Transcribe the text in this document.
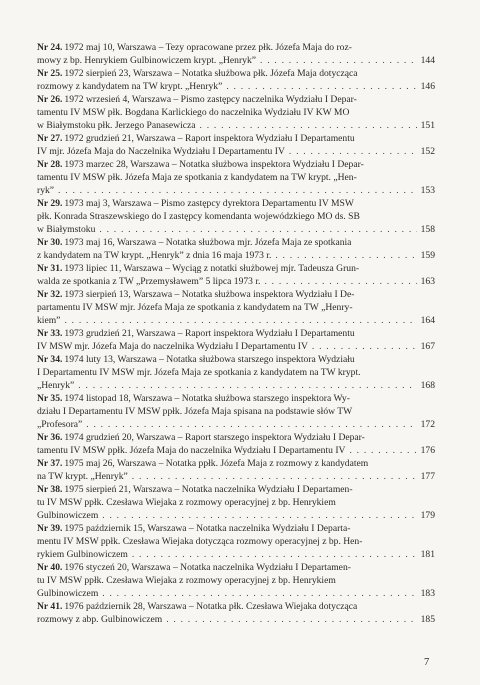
Nr 24. 1972 maj 10, Warszawa – Tezy opracowane przez płk. Józefa Maja do roz-
mowy z bp. Henrykiem Gulbinowiczem krypt. „Henryk” . . .	144
Nr 25. 1972 sierpień 23, Warszawa – Notatka służbowa płk. Józefa Maja dotycząca
rozmowy z kandydatem na TW krypt. „Henryk” . . .	146
Nr 26. 1972 wrzesień 4, Warszawa – Pismo zastępcy naczelnika Wydziału I Depar-
tamentu IV MSW płk. Bogdana Karlickiego do naczelnika Wydziału IV KW MO
w Białymstoku płk. Jerzego Panasewicza . . .	151
Nr 27. 1972 grudzień 21, Warszawa – Raport inspektora Wydziału I Departamentu
IV mjr. Józefa Maja do Naczelnika Wydziału I Departamentu IV . . .	152
Nr 28. 1973 marzec 28, Warszawa – Notatka służbowa inspektora Wydziału I Depar-
tamentu IV MSW płk. Józefa Maja ze spotkania z kandydatem na TW krypt. „Hen-
ryk” . . .	153
Nr 29. 1973 maj 3, Warszawa – Pismo zastępcy dyrektora Departamentu IV MSW
płk. Konrada Straszewskiego do I zastępcy komendanta wojewódzkiego MO ds. SB
w Białymstoku . . .	158
Nr 30. 1973 maj 16, Warszawa – Notatka służbowa mjr. Józefa Maja ze spotkania
z kandydatem na TW krypt. „Henryk” z dnia 16 maja 1973 r. . . .	159
Nr 31. 1973 lipiec 11, Warszawa – Wyciąg z notatki służbowej mjr. Tadeusza Grun-
walda ze spotkania z TW „Przemysławem” 5 lipca 1973 r. . . .	163
Nr 32. 1973 sierpień 13, Warszawa – Notatka służbowa inspektora Wydziału I De-
partamentu IV MSW mjr. Józefa Maja ze spotkania z kandydatem na TW „Henry-
kiem” . . .	164
Nr 33. 1973 grudzień 21, Warszawa – Raport inspektora Wydziału I Departamentu
IV MSW mjr. Józefa Maja do naczelnika Wydziału I Departamentu IV . . .	167
Nr 34. 1974 luty 13, Warszawa – Notatka służbowa starszego inspektora Wydziału
I Departamentu IV MSW mjr. Józefa Maja ze spotkania z kandydatem na TW krypt.
„Henryk” . . .	168
Nr 35. 1974 listopad 18, Warszawa – Notatka służbowa starszego inspektora Wy-
działu I Departamentu IV MSW ppłk. Józefa Maja spisana na podstawie słów TW
„Profesora” . . .	172
Nr 36. 1974 grudzień 20, Warszawa – Raport starszego inspektora Wydziału I Depar-
tamentu IV MSW ppłk. Józefa Maja do naczelnika Wydziału I Departamentu IV . . .	176
Nr 37. 1975 maj 26, Warszawa – Notatka ppłk. Józefa Maja z rozmowy z kandydatem
na TW krypt. „Henryk” . . .	177
Nr 38. 1975 sierpień 21, Warszawa – Notatka naczelnika Wydziału I Departamen-
tu IV MSW ppłk. Czesława Wiejaka z rozmowy operacyjnej z bp. Henrykiem
Gulbinowiczem . . .	179
Nr 39. 1975 październik 15, Warszawa – Notatka naczelnika Wydziału I Departa-
mentu IV MSW ppłk. Czesława Wiejaka dotycząca rozmowy operacyjnej z bp. Hen-
rykiem Gulbinowiczem . . .	181
Nr 40. 1976 styczeń 20, Warszawa – Notatka naczelnika Wydziału I Departamen-
tu IV MSW ppłk. Czesława Wiejaka z rozmowy operacyjnej z bp. Henrykiem
Gulbinowiczem . . .	183
Nr 41. 1976 październik 28, Warszawa – Notatka płk. Czesława Wiejaka dotycząca
rozmowy z abp. Gulbinowiczem . . .	185
7
